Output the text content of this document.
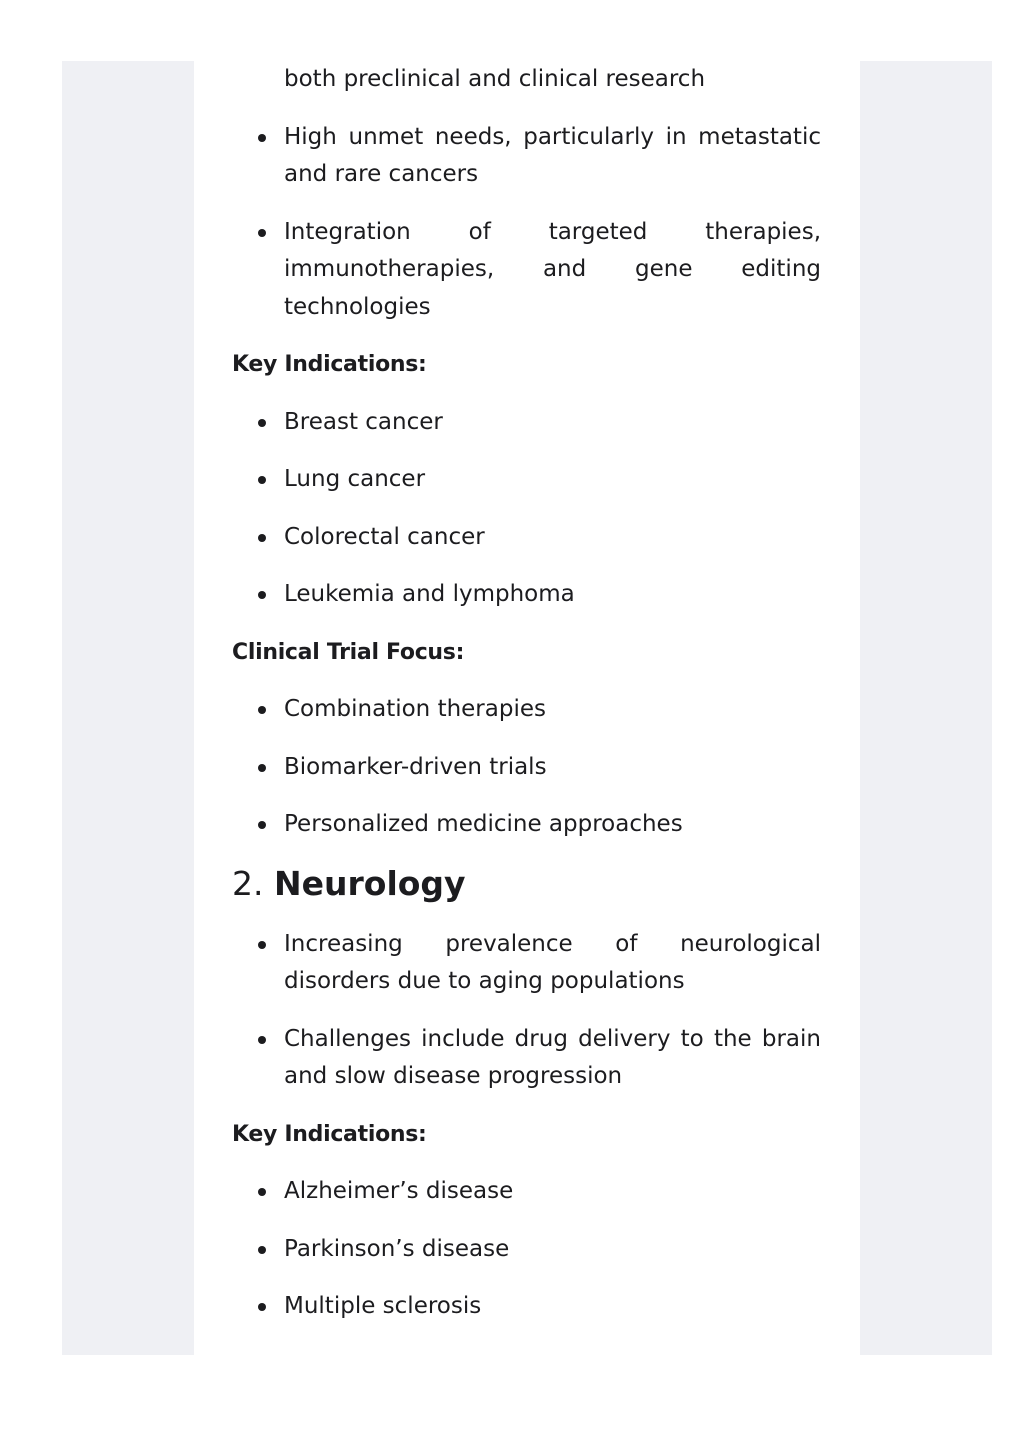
both preclinical and clinical research
High unmet needs, particularly in metastatic and rare cancers
Integration of targeted therapies, immunotherapies, and gene editing technologies
Key Indications:
Breast cancer
Lung cancer
Colorectal cancer
Leukemia and lymphoma
Clinical Trial Focus:
Combination therapies
Biomarker-driven trials
Personalized medicine approaches
2. Neurology
Increasing prevalence of neurological disorders due to aging populations
Challenges include drug delivery to the brain and slow disease progression
Key Indications:
Alzheimer’s disease
Parkinson’s disease
Multiple sclerosis
